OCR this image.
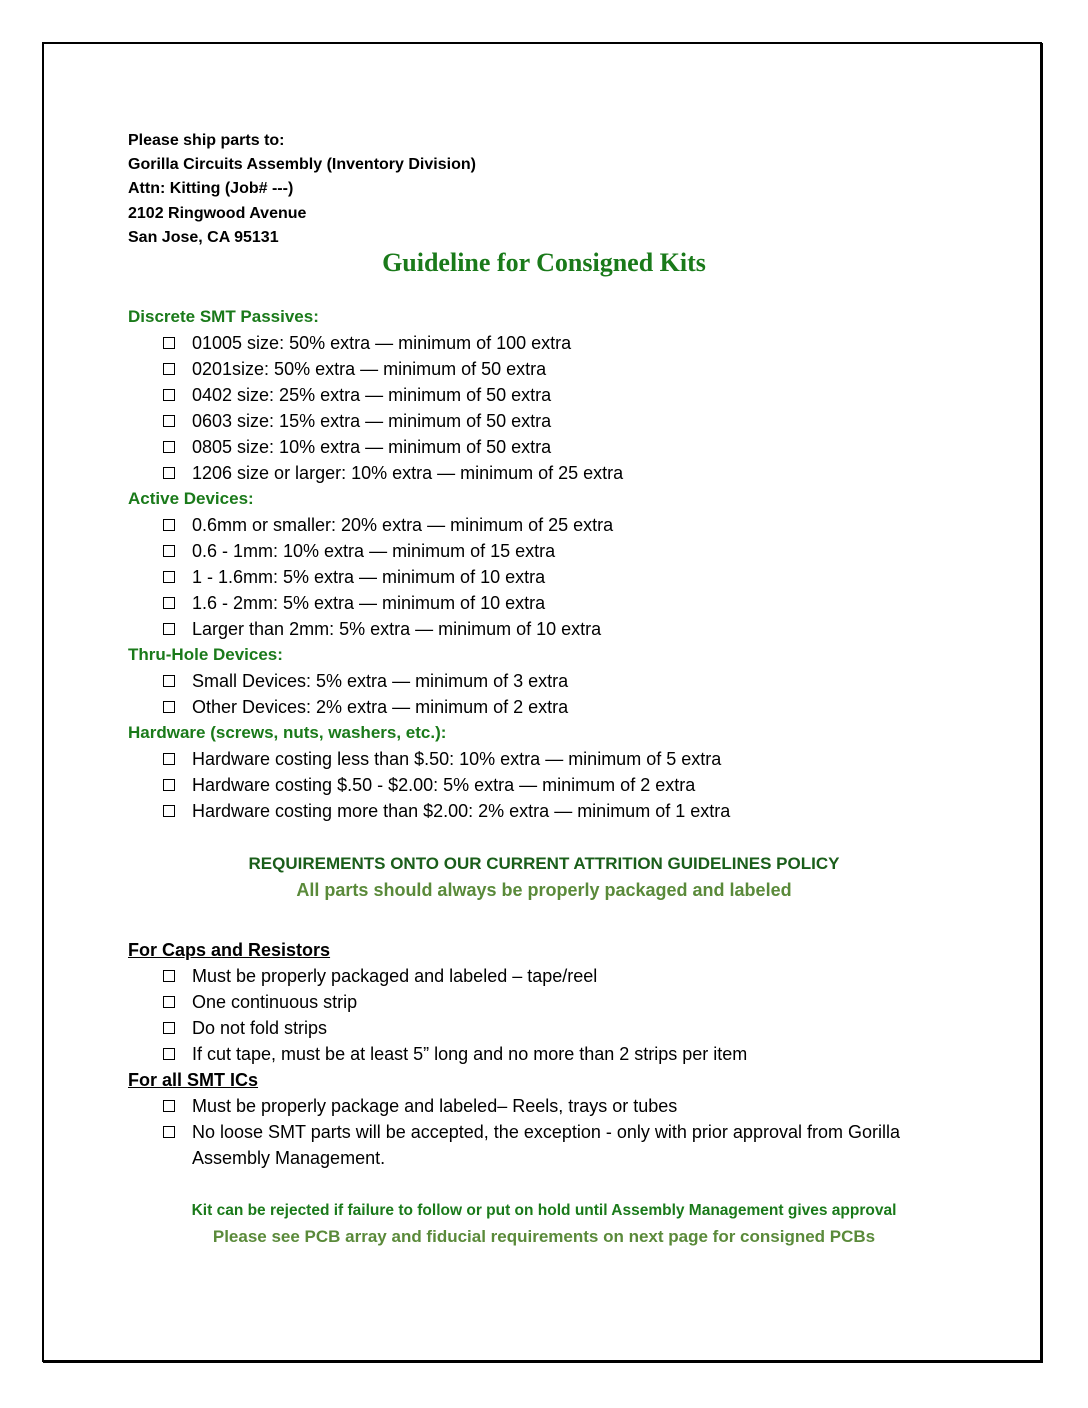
Please ship parts to:
Gorilla Circuits Assembly (Inventory Division)
Attn: Kitting (Job# ---)
2102 Ringwood Avenue
San Jose, CA 95131
Guideline for Consigned Kits
Discrete SMT Passives:
01005 size: 50% extra — minimum of 100 extra
0201size: 50% extra — minimum of 50 extra
0402 size: 25% extra — minimum of 50 extra
0603 size: 15% extra — minimum of 50 extra
0805 size: 10% extra — minimum of 50 extra
1206 size or larger: 10% extra — minimum of 25 extra
Active Devices:
0.6mm or smaller: 20% extra — minimum of 25 extra
0.6 - 1mm: 10% extra — minimum of 15 extra
1 - 1.6mm: 5% extra — minimum of 10 extra
1.6 - 2mm: 5% extra — minimum of 10 extra
Larger than 2mm: 5% extra — minimum of 10 extra
Thru-Hole Devices:
Small Devices: 5% extra — minimum of 3 extra
Other Devices: 2% extra — minimum of 2 extra
Hardware (screws, nuts, washers, etc.):
Hardware costing less than $.50: 10% extra — minimum of 5 extra
Hardware costing $.50 - $2.00: 5% extra — minimum of 2 extra
Hardware costing more than $2.00: 2% extra — minimum of 1 extra
REQUIREMENTS ONTO OUR CURRENT ATTRITION GUIDELINES POLICY
All parts should always be properly packaged and labeled
For Caps and Resistors
Must be properly packaged and labeled – tape/reel
One continuous strip
Do not fold strips
If cut tape, must be at least 5” long and no more than 2 strips per item
For all SMT ICs
Must be properly package and labeled– Reels, trays or tubes
No loose SMT parts will be accepted, the exception - only with prior approval from Gorilla Assembly Management.
Kit can be rejected if failure to follow or put on hold until Assembly Management gives approval
Please see PCB array and fiducial requirements on next page for consigned PCBs
